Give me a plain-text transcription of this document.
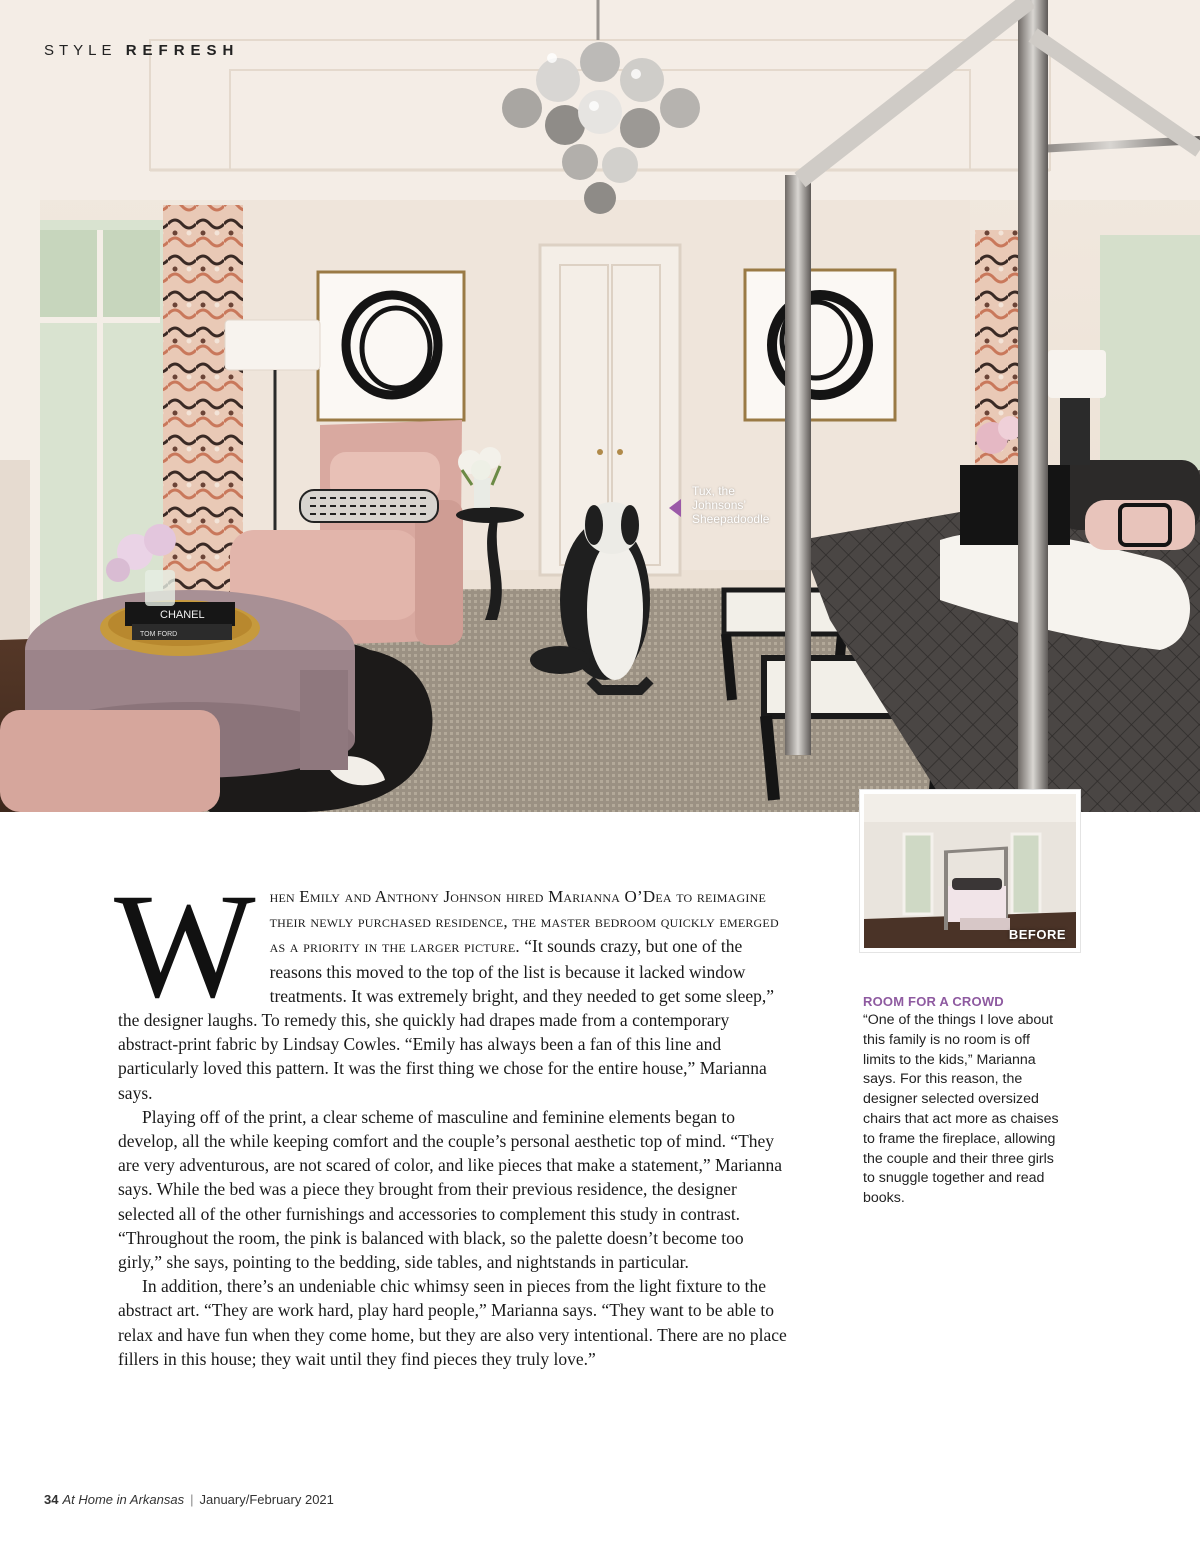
CHANEL
TOM FORD
STYLE REFRESH
Tux, the
Johnsons’
Sheepadoodle
BEFORE

When Emily and Anthony Johnson hired Marianna O’Dea to reimagine their newly purchased residence, the master bedroom quickly emerged as a priority in the larger picture. “It sounds crazy, but one of the reasons this moved to the top of the list is because it lacked window treatments. It was extremely bright, and they needed to get some sleep,” the designer laughs. To remedy this, she quickly had drapes made from a contemporary abstract-print fabric by Lindsay Cowles. “Emily has always been a fan of this line and particularly loved this pattern. It was the first thing we chose for the entire house,” Marianna says.

Playing off of the print, a clear scheme of masculine and feminine elements began to develop, all the while keeping comfort and the couple’s personal aesthetic top of mind. “They are very adventurous, are not scared of color, and like pieces that make a statement,” Marianna says. While the bed was a piece they brought from their previous residence, the designer selected all of the other furnishings and accessories to complement this study in contrast. “Throughout the room, the pink is balanced with black, so the palette doesn’t become too girly,” she says, pointing to the bedding, side tables, and nightstands in particular.

In addition, there’s an undeniable chic whimsy seen in pieces from the light fixture to the abstract art. “They are work hard, play hard people,” Marianna says. “They want to be able to relax and have fun when they come home, but they are also very intentional. There are no place fillers in this house; they wait until they find pieces they truly love.”

ROOM FOR A CROWD

“One of the things I love about this family is no room is off limits to the kids,” Marianna says. For this reason, the designer selected oversized chairs that act more as chaises to frame the fireplace, allowing the couple and their three girls to snuggle together and read books.

34 At Home in Arkansas | January/February 2021
